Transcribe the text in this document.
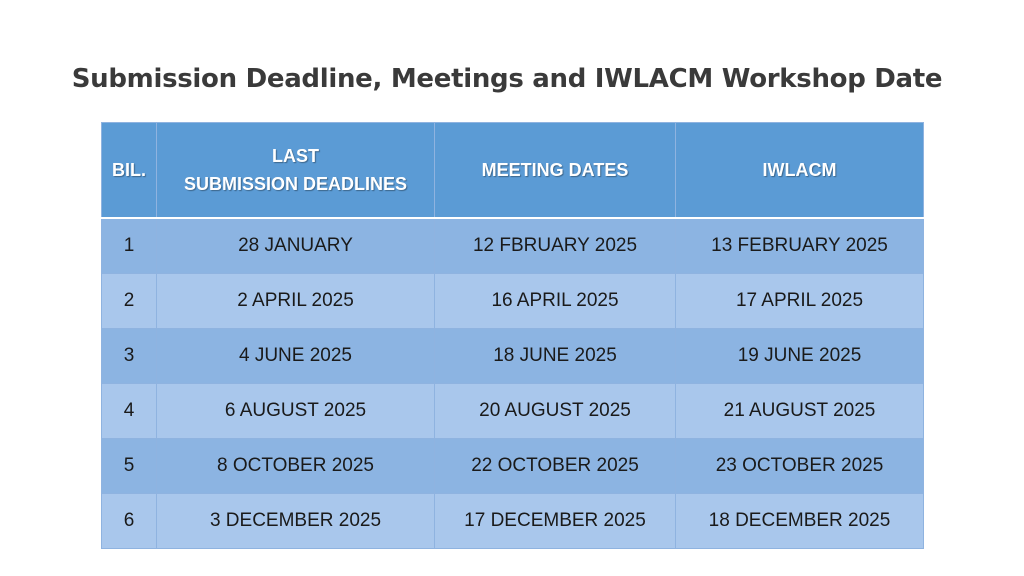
Submission Deadline, Meetings and IWLACM Workshop Date
BIL.	LAST
SUBMISSION DEADLINES	MEETING DATES	IWLACM
1	28 JANUARY	12 FBRUARY 2025	13 FEBRUARY 2025
2	2 APRIL 2025	16 APRIL 2025	17 APRIL 2025
3	4 JUNE 2025	18 JUNE 2025	19 JUNE 2025
4	6 AUGUST 2025	20 AUGUST 2025	21 AUGUST 2025
5	8 OCTOBER 2025	22 OCTOBER 2025	23 OCTOBER 2025
6	3 DECEMBER 2025	17 DECEMBER 2025	18 DECEMBER 2025
